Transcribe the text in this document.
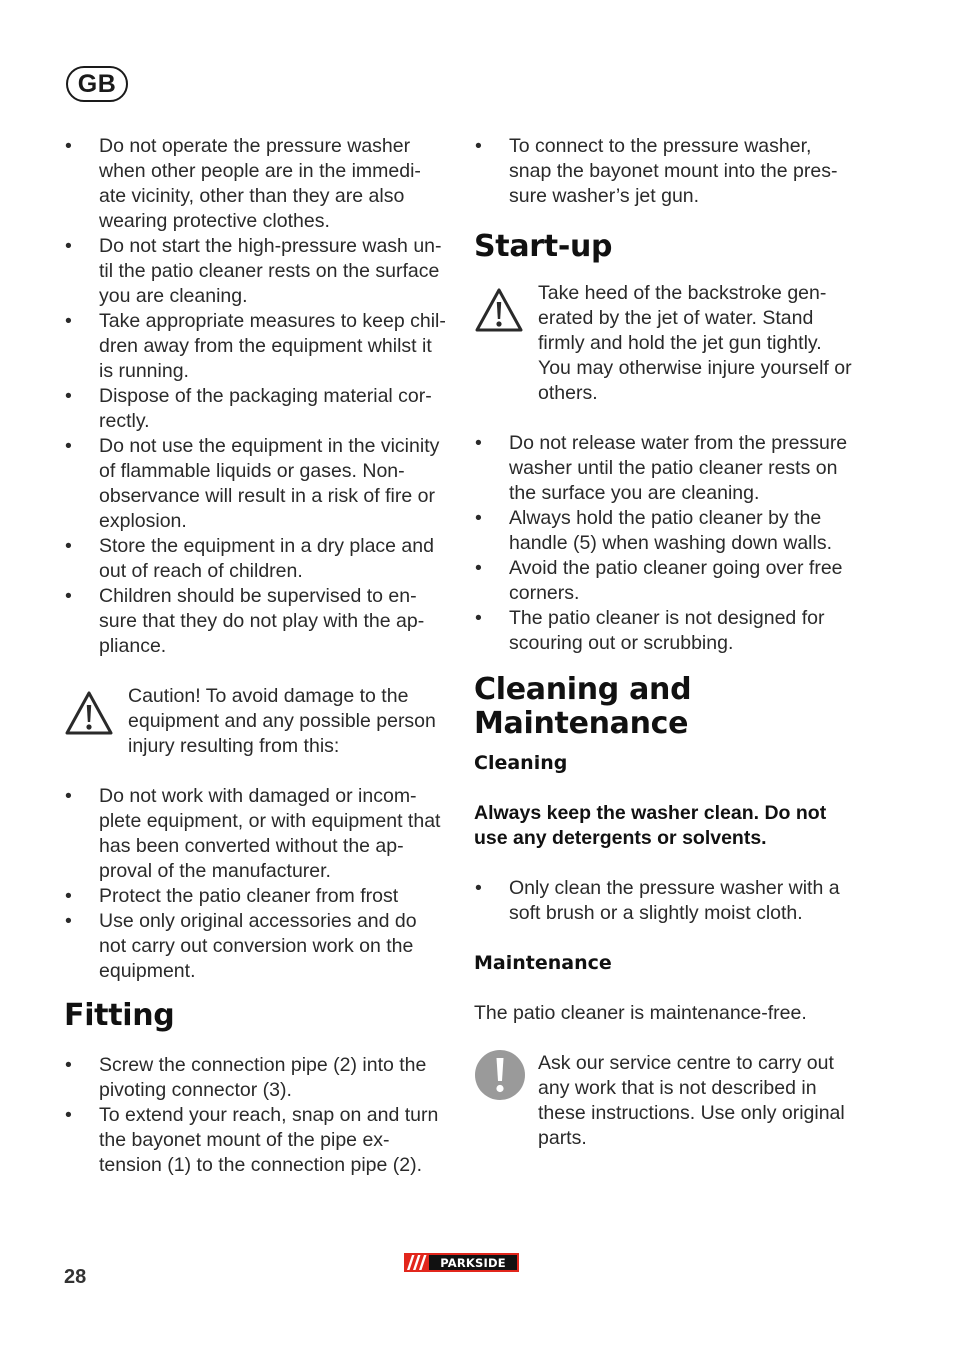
GB
• Do not operate the pressure washer when other people are in the immedi-ate vicinity, other than they are also wearing protective clothes.
• Do not start the high-pressure wash un-til the patio cleaner rests on the surface you are cleaning.
• Take appropriate measures to keep chil-dren away from the equipment whilst it is running.
• Dispose of the packaging material cor-rectly.
• Do not use the equipment in the vicinity of flammable liquids or gases. Non-observance will result in a risk of fire or explosion.
• Store the equipment in a dry place and out of reach of children.
• Children should be supervised to en-sure that they do not play with the ap-pliance.
Caution! To avoid damage to the equipment and any possible person injury resulting from this:
• Do not work with damaged or incom-plete equipment, or with equipment that has been converted without the ap-proval of the manufacturer.
• Protect the patio cleaner from frost
• Use only original accessories and do not carry out conversion work on the equipment.
Fitting
• Screw the connection pipe (2) into the pivoting connector (3).
• To extend your reach, snap on and turn the bayonet mount of the pipe ex-tension (1) to the connection pipe (2).
• To connect to the pressure washer, snap the bayonet mount into the pres-sure washer’s jet gun.
Start-up
Take heed of the backstroke gen-erated by the jet of water. Stand firmly and hold the jet gun tightly. You may otherwise injure yourself or others.
• Do not release water from the pressure washer until the patio cleaner rests on the surface you are cleaning.
• Always hold the patio cleaner by the handle (5) when washing down walls.
• Avoid the patio cleaner going over free corners.
• The patio cleaner is not designed for scouring out or scrubbing.
Cleaning and Maintenance
Cleaning

Always keep the washer clean. Do not use any detergents or solvents.

• Only clean the pressure washer with a soft brush or a slightly moist cloth.
Maintenance

The patio cleaner is maintenance-free.

Ask our service centre to carry out any work that is not described in these instructions. Use only original parts.
28
PARKSIDE
